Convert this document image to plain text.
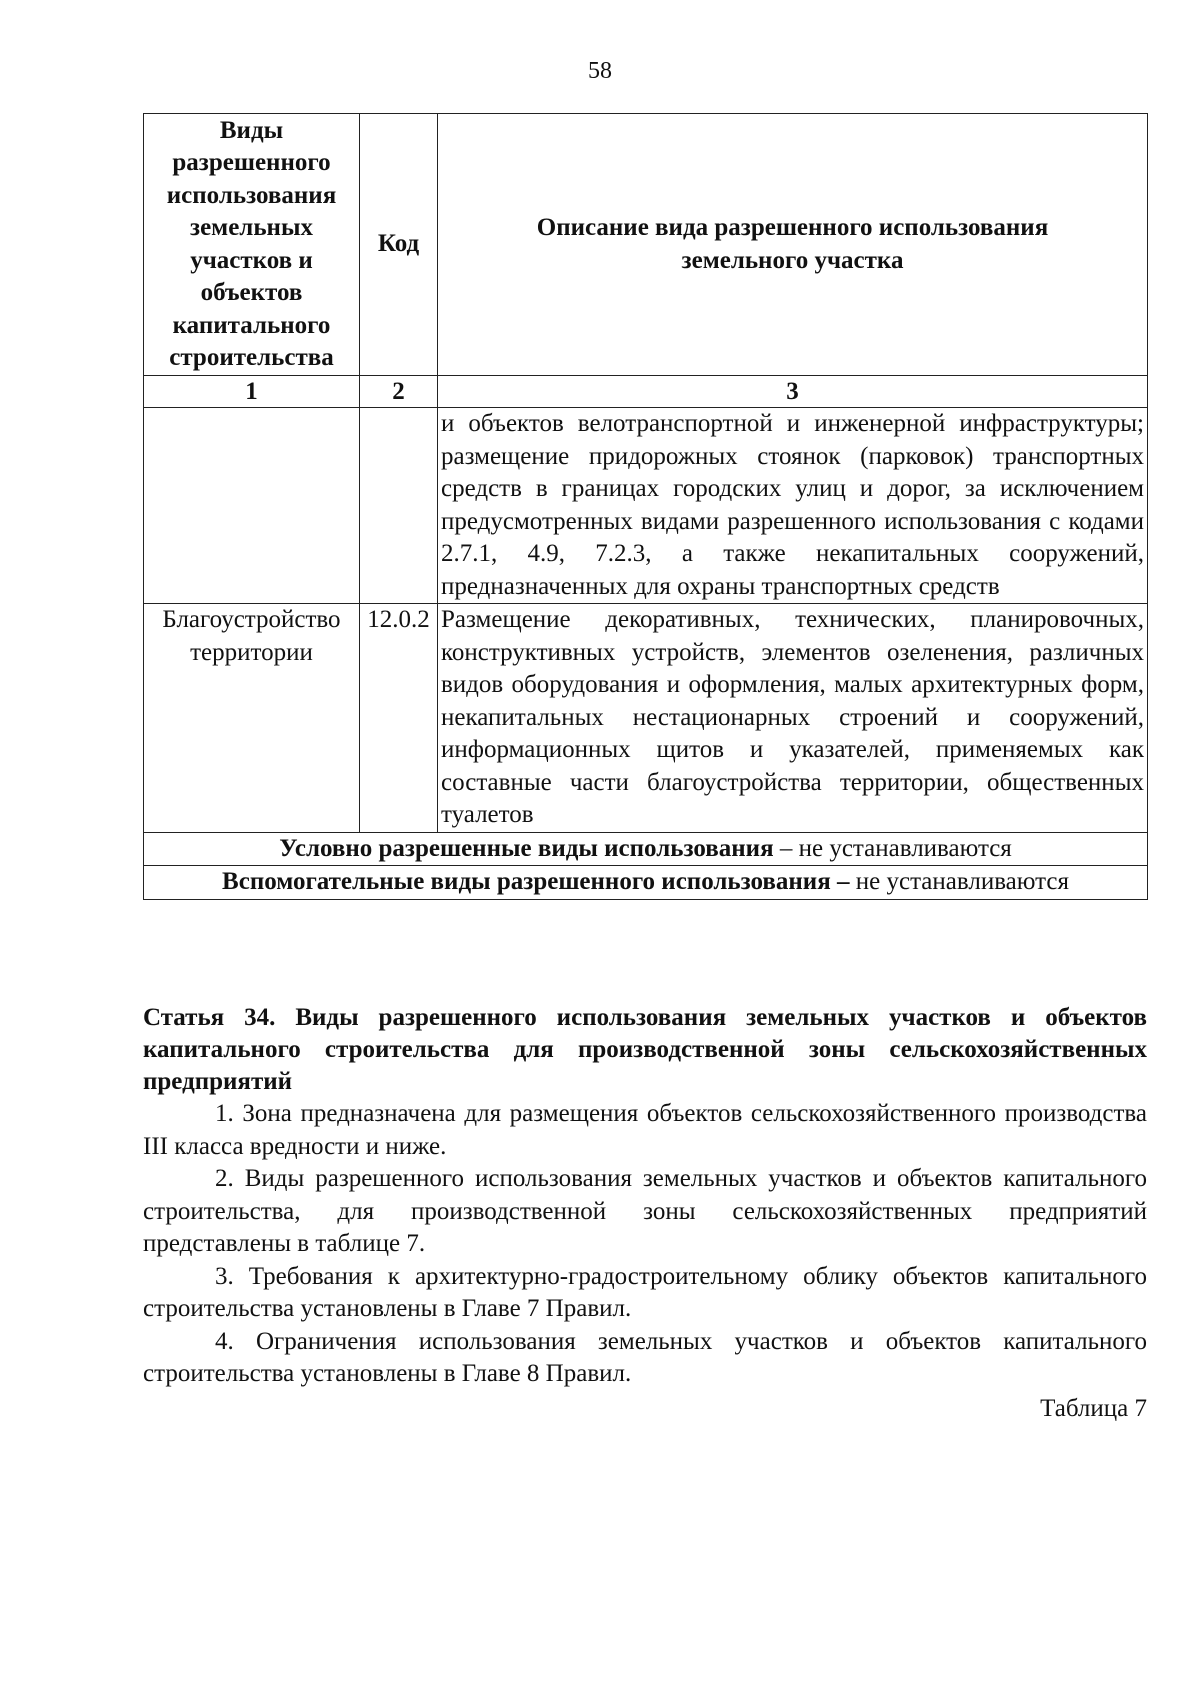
58
Виды разрешенного использования земельных участков и объектов капитального строительства	Код	Описание вида разрешенного использования земельного участка
1	2	3
		и объектов велотранспортной и инженерной инфраструктуры; размещение придорожных стоянок (парковок) транспортных средств в границах городских улиц и дорог, за исключением предусмотренных видами разрешенного использования с кодами 2.7.1, 4.9, 7.2.3, а также некапитальных сооружений, предназначенных для охраны транспортных средств
Благоустройство территории	12.0.2	Размещение декоративных, технических, планировочных, конструктивных устройств, элементов озеленения, различных видов оборудования и оформления, малых архитектурных форм, некапитальных нестационарных строений и сооружений, информационных щитов и указателей, применяемых как составные части благоустройства территории, общественных туалетов
Условно разрешенные виды использования – не устанавливаются		
Вспомогательные виды разрешенного использования – не устанавливаются		
Статья 34. Виды разрешенного использования земельных участков и объектов капитального строительства для производственной зоны сельскохозяйственных предприятий

1. Зона предназначена для размещения объектов сельскохозяйственного производства III класса вредности и ниже.

2. Виды разрешенного использования земельных участков и объектов капитального строительства, для производственной зоны сельскохозяйственных предприятий представлены в таблице 7.

3. Требования к архитектурно-градостроительному облику объектов капитального строительства установлены в Главе 7 Правил.

4. Ограничения использования земельных участков и объектов капитального строительства установлены в Главе 8 Правил.

Таблица 7
